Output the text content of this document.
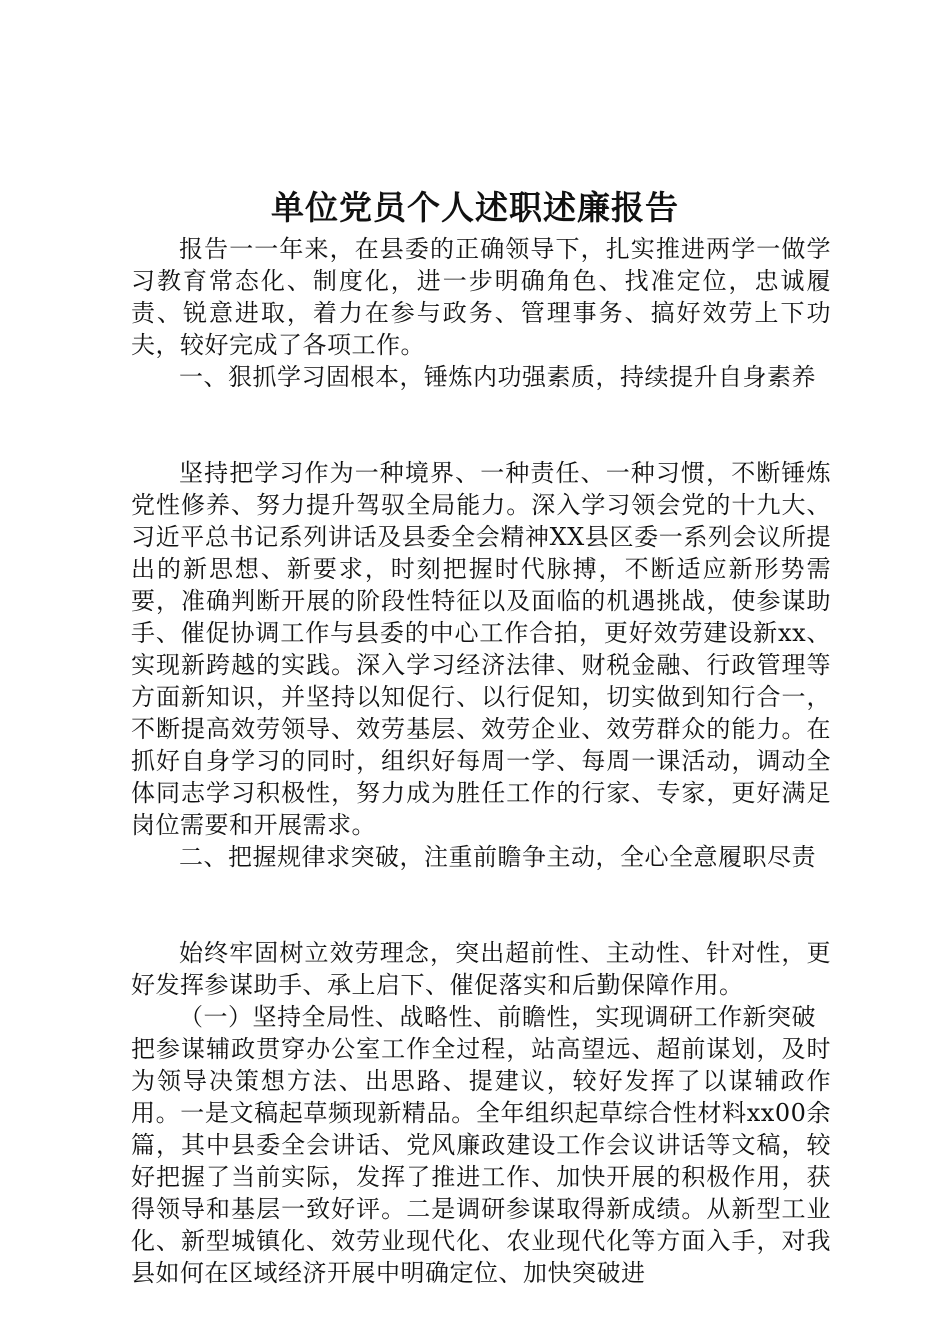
单位党员个人述职述廉报告

报告一一年来，在县委的正确领导下，扎实推进两学一做学习教育常态化、制度化，进一步明确角色、找准定位，忠诚履责、锐意进取，着力在参与政务、管理事务、搞好效劳上下功夫，较好完成了各项工作。

一、狠抓学习固根本，锤炼内功强素质，持续提升自身素养

坚持把学习作为一种境界、一种责任、一种习惯，不断锤炼党性修养、努力提升驾驭全局能力。深入学习领会党的十九大、习近平总书记系列讲话及县委全会精神XX县区委一系列会议所提出的新思想、新要求，时刻把握时代脉搏，不断适应新形势需要，准确判断开展的阶段性特征以及面临的机遇挑战，使参谋助手、催促协调工作与县委的中心工作合拍，更好效劳建设新xx、实现新跨越的实践。深入学习经济法律、财税金融、行政管理等方面新知识，并坚持以知促行、以行促知，切实做到知行合一，不断提高效劳领导、效劳基层、效劳企业、效劳群众的能力。在抓好自身学习的同时，组织好每周一学、每周一课活动，调动全体同志学习积极性，努力成为胜任工作的行家、专家，更好满足岗位需要和开展需求。

二、把握规律求突破，注重前瞻争主动，全心全意履职尽责

始终牢固树立效劳理念，突出超前性、主动性、针对性，更好发挥参谋助手、承上启下、催促落实和后勤保障作用。

（一）坚持全局性、战略性、前瞻性，实现调研工作新突破

把参谋辅政贯穿办公室工作全过程，站高望远、超前谋划，及时为领导决策想方法、出思路、提建议，较好发挥了以谋辅政作用。一是文稿起草频现新精品。全年组织起草综合性材料xx00余篇，其中县委全会讲话、党风廉政建设工作会议讲话等文稿，较好把握了当前实际，发挥了推进工作、加快开展的积极作用，获得领导和基层一致好评。二是调研参谋取得新成绩。从新型工业化、新型城镇化、效劳业现代化、农业现代化等方面入手，对我县如何在区域经济开展中明确定位、加快突破进
